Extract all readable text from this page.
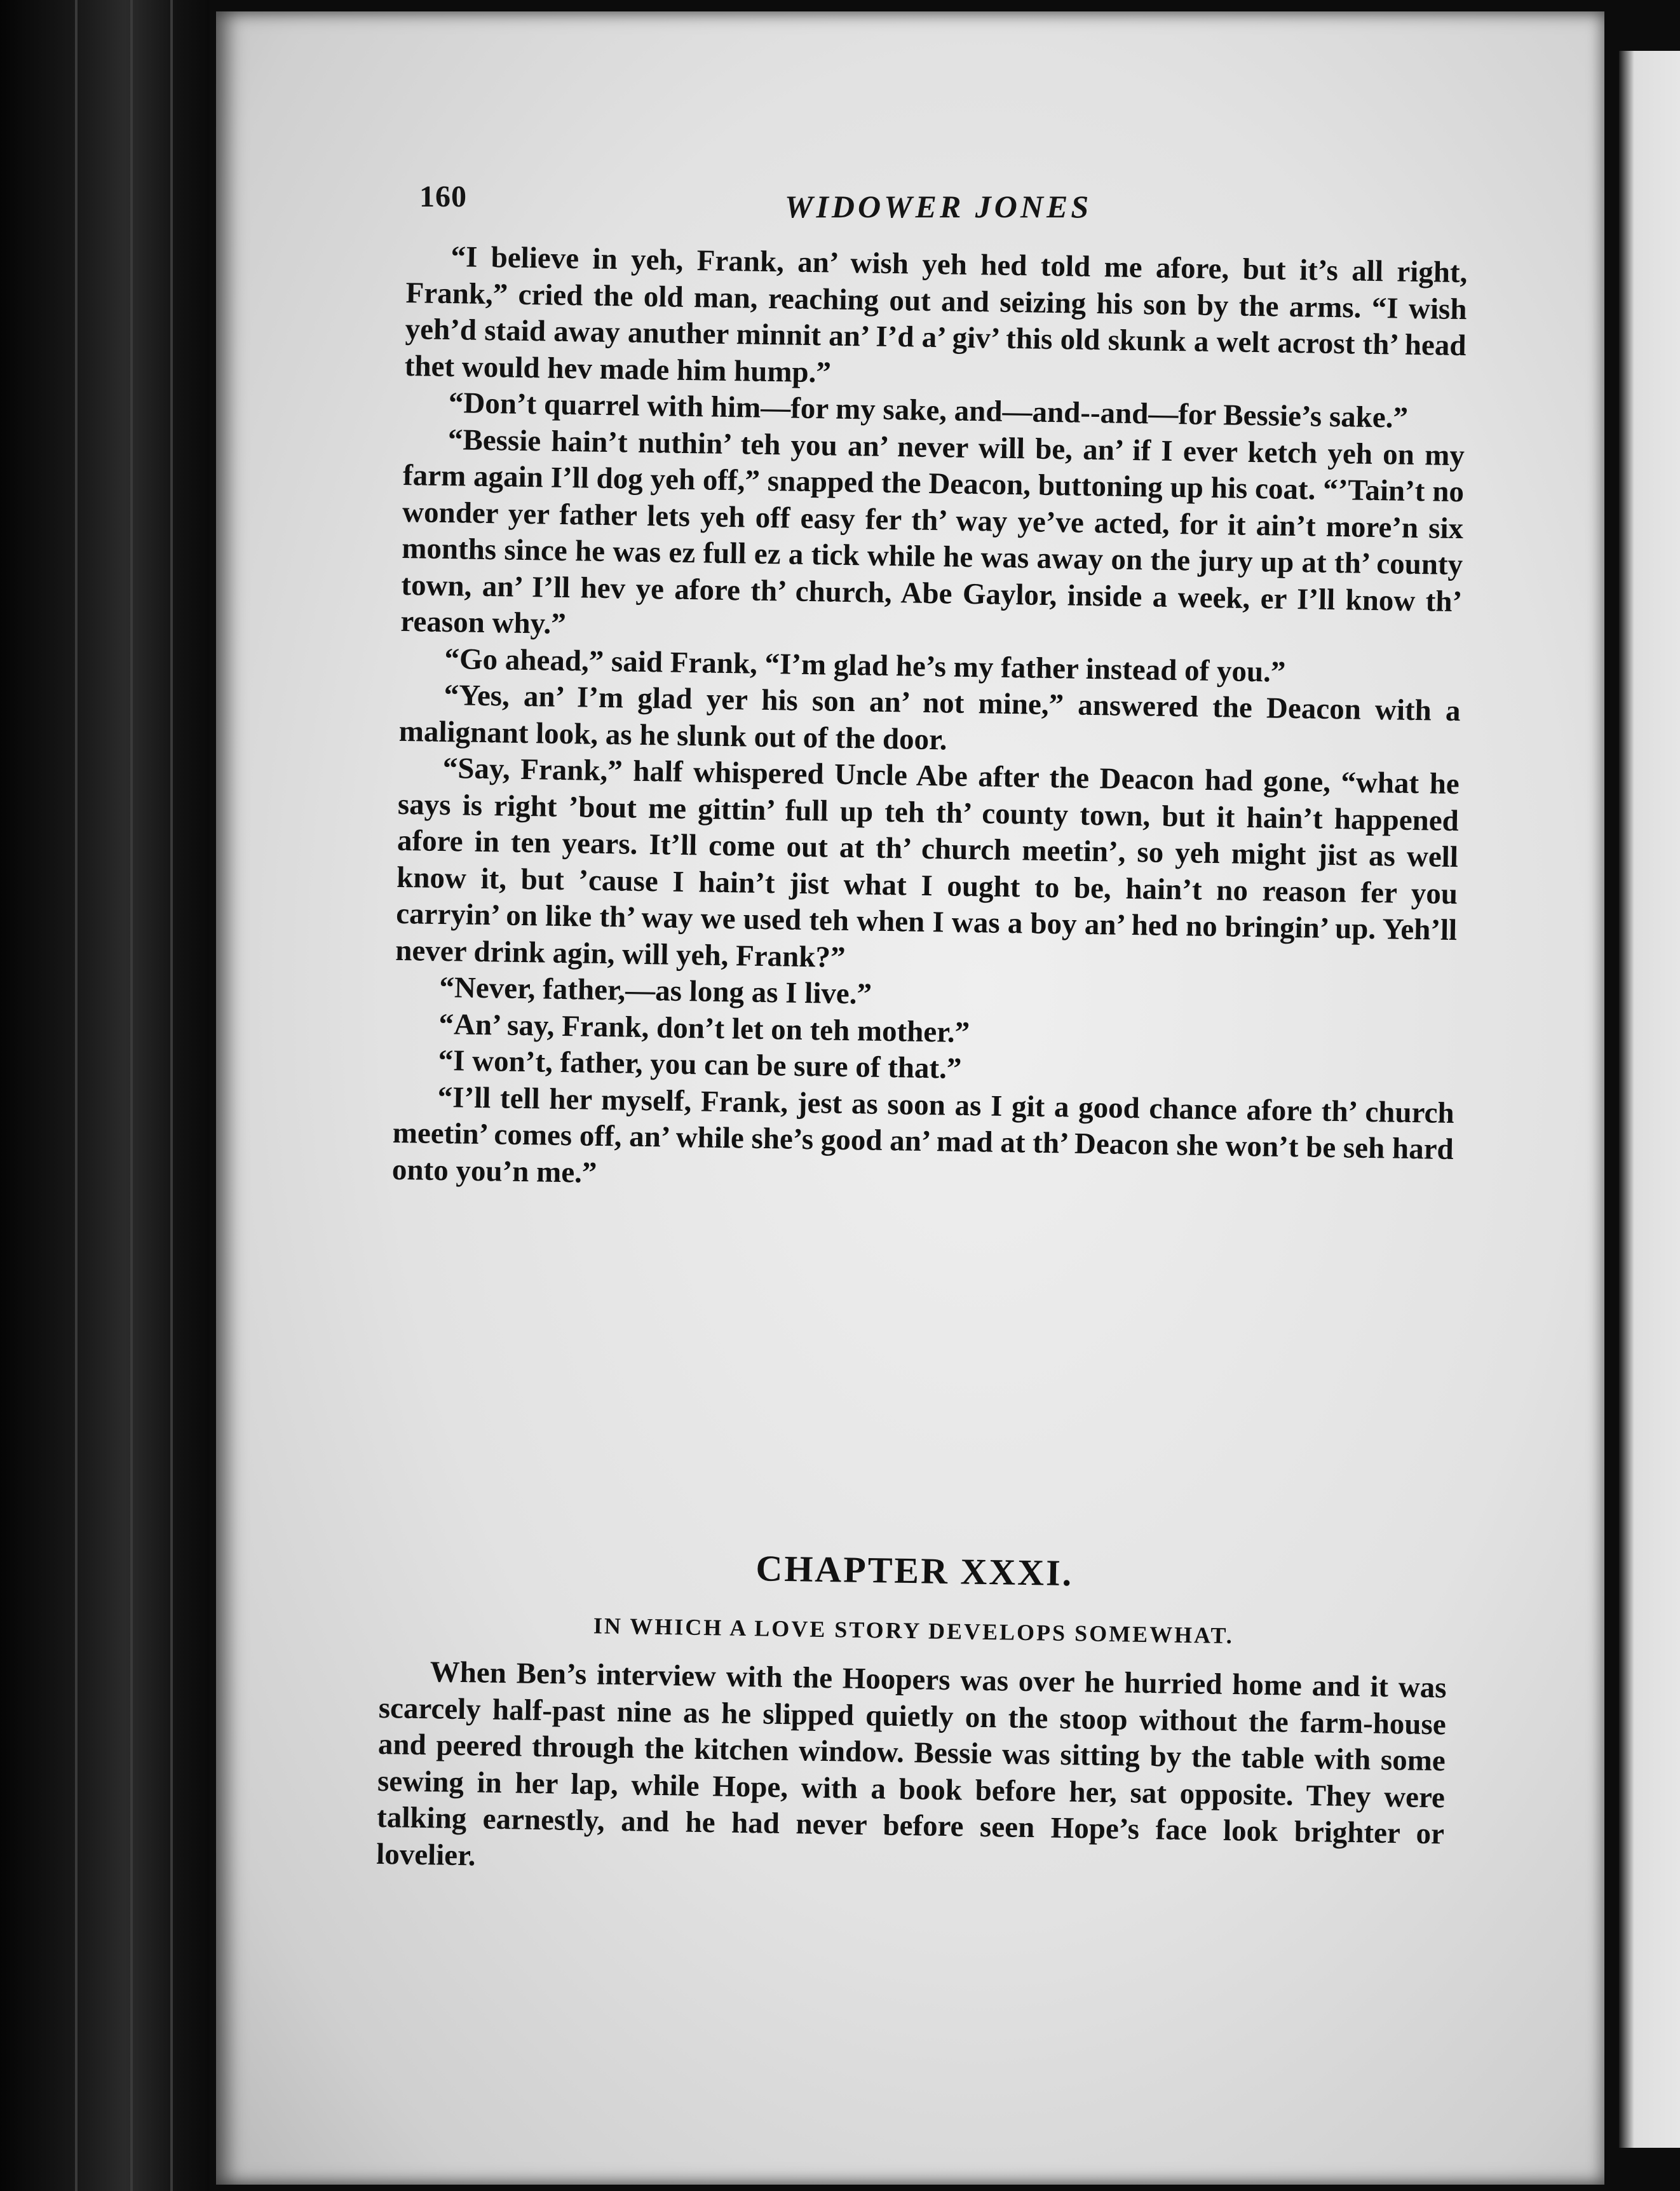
160	WIDOWER JONES

“I believe in yeh, Frank, an’ wish yeh hed told me afore, but it’s all right, Frank,” cried the old man, reaching out and seizing his son by the arms. “I wish yeh’d staid away anuther minnit an’ I’d a’ giv’ this old skunk a welt acrost th’ head thet would hev made him hump.”

“Don’t quarrel with him—for my sake, and—and--and—for Bessie’s sake.”

“Bessie hain’t nuthin’ teh you an’ never will be, an’ if I ever ketch yeh on my farm again I’ll dog yeh off,” snapped the Deacon, buttoning up his coat. “’Tain’t no wonder yer father lets yeh off easy fer th’ way ye’ve acted, for it ain’t more’n six months since he was ez full ez a tick while he was away on the jury up at th’ county town, an’ I’ll hev ye afore th’ church, Abe Gaylor, inside a week, er I’ll know th’ reason why.”

“Go ahead,” said Frank, “I’m glad he’s my father instead of you.”

“Yes, an’ I’m glad yer his son an’ not mine,” answered the Deacon with a malignant look, as he slunk out of the door.

“Say, Frank,” half whispered Uncle Abe after the Deacon had gone, “what he says is right ’bout me gittin’ full up teh th’ county town, but it hain’t happened afore in ten years. It’ll come out at th’ church meetin’, so yeh might jist as well know it, but ’cause I hain’t jist what I ought to be, hain’t no reason fer you carryin’ on like th’ way we used teh when I was a boy an’ hed no bringin’ up. Yeh’ll never drink agin, will yeh, Frank?”

“Never, father,—as long as I live.”

“An’ say, Frank, don’t let on teh mother.”

“I won’t, father, you can be sure of that.”

“I’ll tell her myself, Frank, jest as soon as I git a good chance afore th’ church meetin’ comes off, an’ while she’s good an’ mad at th’ Deacon she won’t be seh hard onto you’n me.”

CHAPTER XXXI.

IN WHICH A LOVE STORY DEVELOPS SOMEWHAT.

When Ben’s interview with the Hoopers was over he hurried home and it was scarcely half-past nine as he slipped quietly on the stoop without the farm-house and peered through the kitchen window. Bessie was sitting by the table with some sewing in her lap, while Hope, with a book before her, sat opposite. They were talking earnestly, and he had never before seen Hope’s face look brighter or lovelier.
